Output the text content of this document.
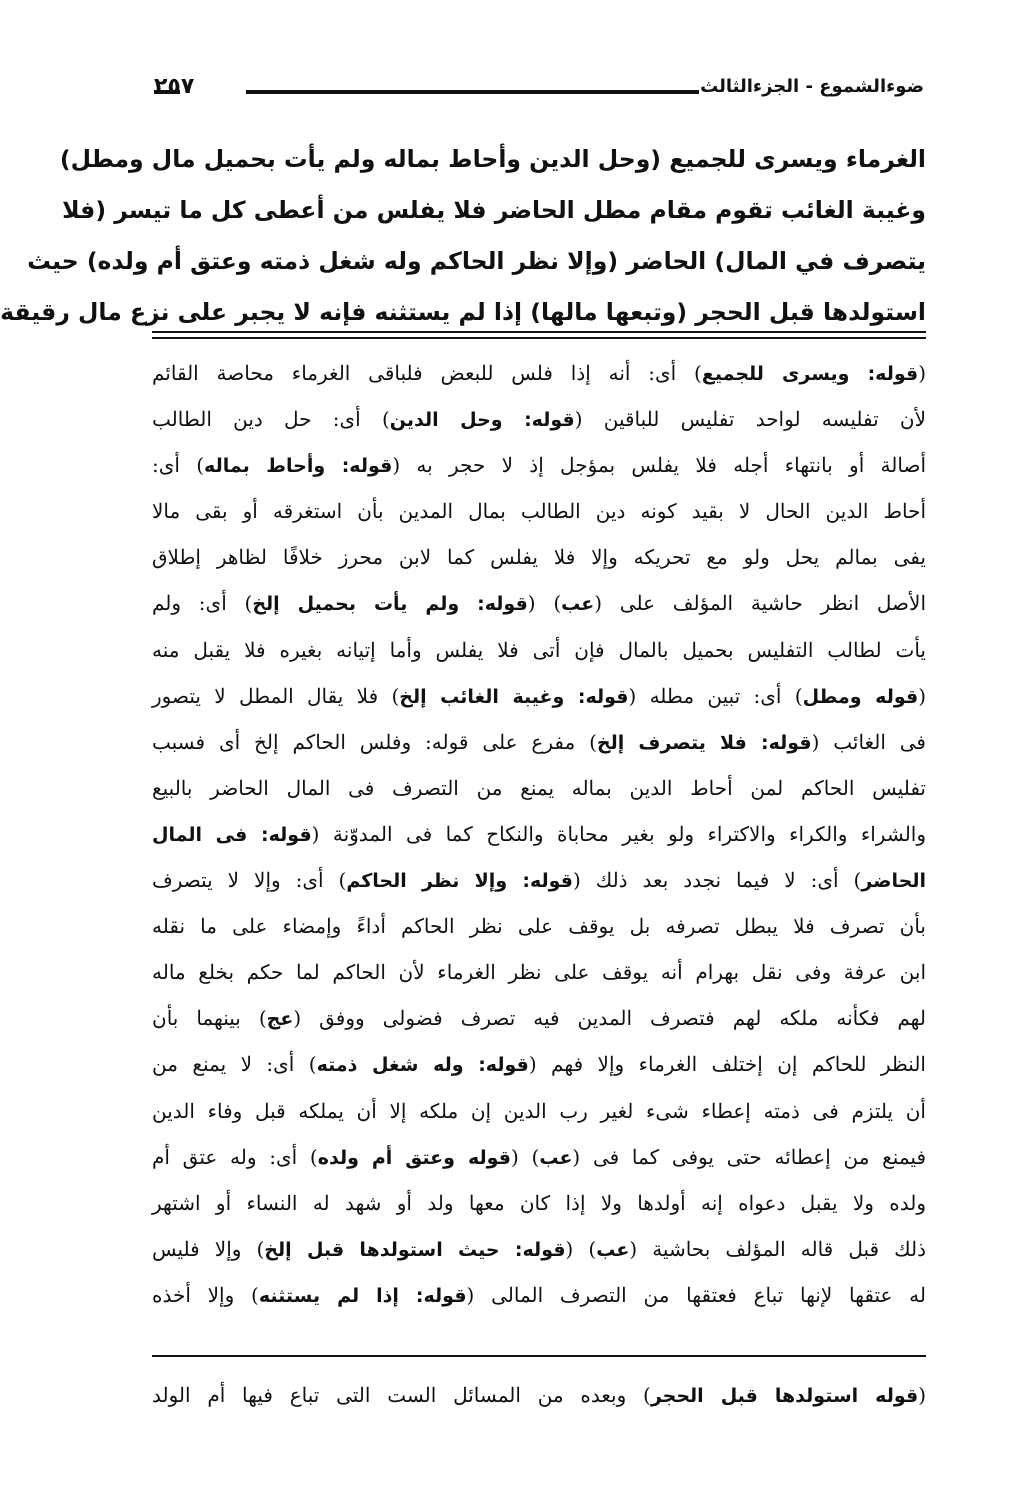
ضوءالشموع - الجزءالثالث
٢٥٧
الغرماء ويسرى للجميع (وحل الدين وأحاط بماله ولم يأت بحميل مال ومطل)
وغيبة الغائب تقوم مقام مطل الحاضر فلا يفلس من أعطى كل ما تيسر (فلا
يتصرف في المال) الحاضر (وإلا نظر الحاكم وله شغل ذمته وعتق أم ولده) حيث
استولدها قبل الحجر (وتبعها مالها) إذا لم يستثنه فإنه لا يجبر على نزع مال رقيقة
(قوله: ويسرى للجميع) أى: أنه إذا فلس للبعض فلباقى الغرماء محاصة القائم
لأن تفليسه لواحد تفليس للباقين (قوله: وحل الدين) أى: حل دين الطالب
أصالة أو بانتهاء أجله فلا يفلس بمؤجل إذ لا حجر به (قوله: وأحاط بماله) أى:
أحاط الدين الحال لا بقيد كونه دين الطالب بمال المدين بأن استغرقه أو بقى مالا
يفى بمالم يحل ولو مع تحريكه وإلا فلا يفلس كما لابن محرز خلافًا لظاهر إطلاق
الأصل انظر حاشية المؤلف على (عب) (قوله: ولم يأت بحميل إلخ) أى: ولم
يأت لطالب التفليس بحميل بالمال فإن أتى فلا يفلس وأما إتيانه بغيره فلا يقبل منه
(قوله ومطل) أى: تبين مطله (قوله: وغيبة الغائب إلخ) فلا يقال المطل لا يتصور
فى الغائب (قوله: فلا يتصرف إلخ) مفرع على قوله: وفلس الحاكم إلخ أى فسبب
تفليس الحاكم لمن أحاط الدين بماله يمنع من التصرف فى المال الحاضر بالبيع
والشراء والكراء والاكتراء ولو بغير محاباة والنكاح كما فى المدوّنة (قوله: فى المال
الحاضر) أى: لا فيما نجدد بعد ذلك (قوله: وإلا نظر الحاكم) أى: وإلا لا يتصرف
بأن تصرف فلا يبطل تصرفه بل يوقف على نظر الحاكم أداءً وإمضاء على ما نقله
ابن عرفة وفى نقل بهرام أنه يوقف على نظر الغرماء لأن الحاكم لما حكم بخلع ماله
لهم فكأنه ملكه لهم فتصرف المدين فيه تصرف فضولى ووفق (عج) بينهما بأن
النظر للحاكم إن إختلف الغرماء وإلا فهم (قوله: وله شغل ذمته) أى: لا يمنع من
أن يلتزم فى ذمته إعطاء شىء لغير رب الدين إن ملكه إلا أن يملكه قبل وفاء الدين
فيمنع من إعطائه حتى يوفى كما فى (عب) (قوله وعتق أم ولده) أى: وله عتق أم
ولده ولا يقبل دعواه إنه أولدها ولا إذا كان معها ولد أو شهد له النساء أو اشتهر
ذلك قبل قاله المؤلف بحاشية (عب) (قوله: حيث استولدها قبل إلخ) وإلا فليس
له عتقها لإنها تباع فعتقها من التصرف المالى (قوله: إذا لم يستثنه) وإلا أخذه
(قوله استولدها قبل الحجر) وبعده من المسائل الست التى تباع فيها أم الولد
